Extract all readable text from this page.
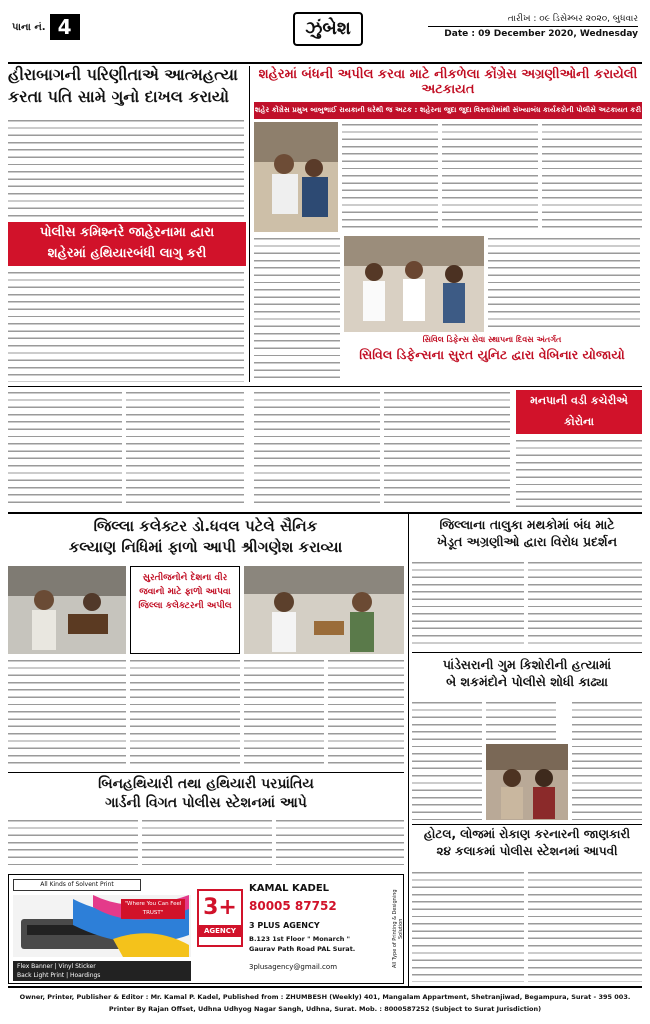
પાના નં. 4	ઝુંબેશ	તારીખ : ૦૯ ડિસેમ્બર ૨૦૨૦, બુધવાર
Date : 09 December 2020, Wednesday
હીરાબાગની પરિણીતાએ આત્મહત્યા
કરતા પતિ સામે ગુનો દાખલ કરાયો
પોલીસ કમિશ્નરે જાહેરનામા દ્વારા
શહેરમાં હથિયારબંધી લાગુ કરી
શહેરમાં બંધની અપીલ કરવા માટે નીકળેલા કોંગ્રેસ અગ્રણીઓની કરાયેલી અટકાયત
શહેર કોંગ્રેસ પ્રમુખ બાબુભાઈ રાયકાની ઘરેથી જ અટક : શહેરના જુદા જુદા વિસ્તારોમાંથી સંખ્યાબંધ કાર્યકરોની પોલીસે અટકાયત કરી
સિવિલ ડિફેન્સ સેવા સ્થાપના દિવસ અંતર્ગત
સિવિલ ડિફેન્સના સુરત યુનિટ દ્વારા વેબિનાર યોજાયો
મનપાની વડી કચેરીએ કોરોના
જિલ્લા કલેક્ટર ડો.ધવલ પટેલે સૈનિક
કલ્યાણ નિધિમાં ફાળો આપી શ્રીગણેશ કરાવ્યા
સુરતીજનોને દેશના વીર જવાનો માટે ફાળો આપવા જિલ્લા કલેક્ટરની અપીલ
જિલ્લાના તાલુકા મથકોમાં બંધ માટે
ખેડૂત અગ્રણીઓ દ્વારા વિરોધ પ્રદર્શન
પાંડેસરાની ગુમ કિશોરીની હત્યામાં
બે શકમંદોને પોલીસે શોધી કાઢ્યા
હોટલ, લોજમાં રોકાણ કરનારની જાણકારી
૨૪ કલાકમાં પોલીસ સ્ટેશનમાં આપવી
બિનહથિયારી તથા હથિયારી પરપ્રાંતિય
ગાર્ડની વિગત પોલીસ સ્ટેશનમાં આપે
All Kinds of Solvent Print
"Where You Can Feel TRUST"
Flex Banner | Vinyl Sticker
Back Light Print | Hoardings
3+
AGENCY
KAMAL KADEL
80005 87752
3 PLUS AGENCY
B.123 1st Floor " Monarch "
Gaurav Path Road PAL Surat.
3plusagency@gmail.com	All Type of Printing & Designing Solution
Owner, Printer, Publisher & Editor : Mr. Kamal P. Kadel, Published from : ZHUMBESH (Weekly) 401, Mangalam Appartment, Shetranjiwad, Begampura, Surat - 395 003.
Printer By Rajan Offset, Udhna Udhyog Nagar Sangh, Udhna, Surat. Mob. : 8000587252 (Subject to Surat Jurisdiction)
